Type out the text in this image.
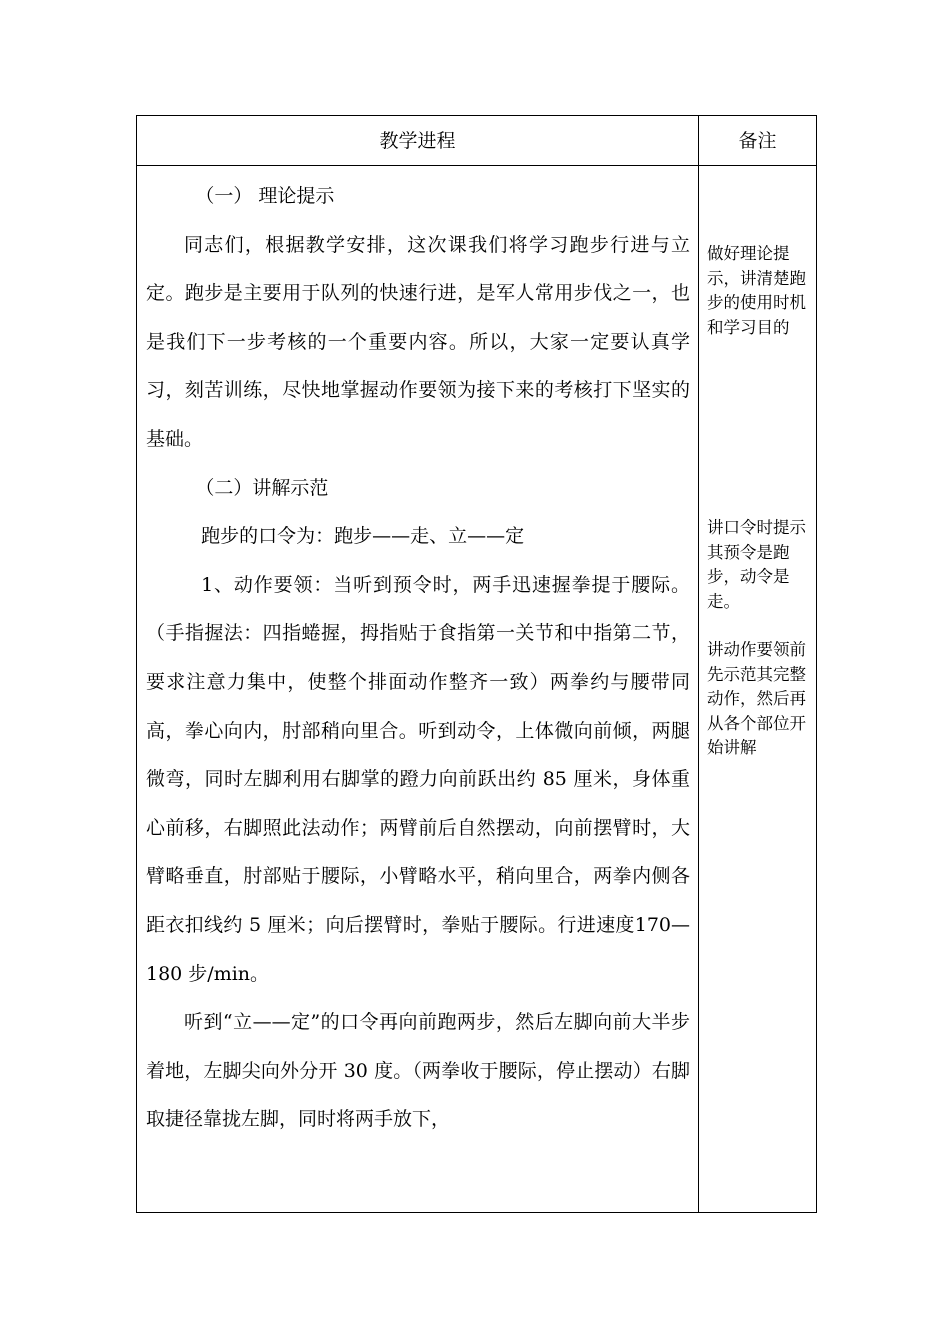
教学进程	备注

（一） 理论提示

同志们，根据教学安排，这次课我们将学习跑步行进与立定。跑步是主要用于队列的快速行进，是军人常用步伐之一，也是我们下一步考核的一个重要内容。所以，大家一定要认真学习，刻苦训练，尽快地掌握动作要领为接下来的考核打下坚实的基础。

（二）讲解示范

跑步的口令为：跑步——走、立——定

1、动作要领：当听到预令时，两手迅速握拳提于腰际。（手指握法：四指蜷握，拇指贴于食指第一关节和中指第二节，要求注意力集中，使整个排面动作整齐一致）两拳约与腰带同高，拳心向内，肘部稍向里合。听到动令，上体微向前倾，两腿微弯，同时左脚利用右脚掌的蹬力向前跃出约 85 厘米，身体重心前移，右脚照此法动作；两臂前后自然摆动，向前摆臂时，大臂略垂直，肘部贴于腰际，小臂略水平，稍向里合，两拳内侧各距衣扣线约 5 厘米；向后摆臂时，拳贴于腰际。行进速度170—180 步/min。

听到“立——定”的口令再向前跑两步，然后左脚向前大半步着地，左脚尖向外分开 30 度。（两拳收于腰际，停止摆动）右脚取捷径靠拢左脚，同时将两手放下，

做好理论提示，讲清楚跑步的使用时机和学习目的
讲口令时提示其预令是跑步，动令是走。
讲动作要领前先示范其完整动作，然后再从各个部位开始讲解
